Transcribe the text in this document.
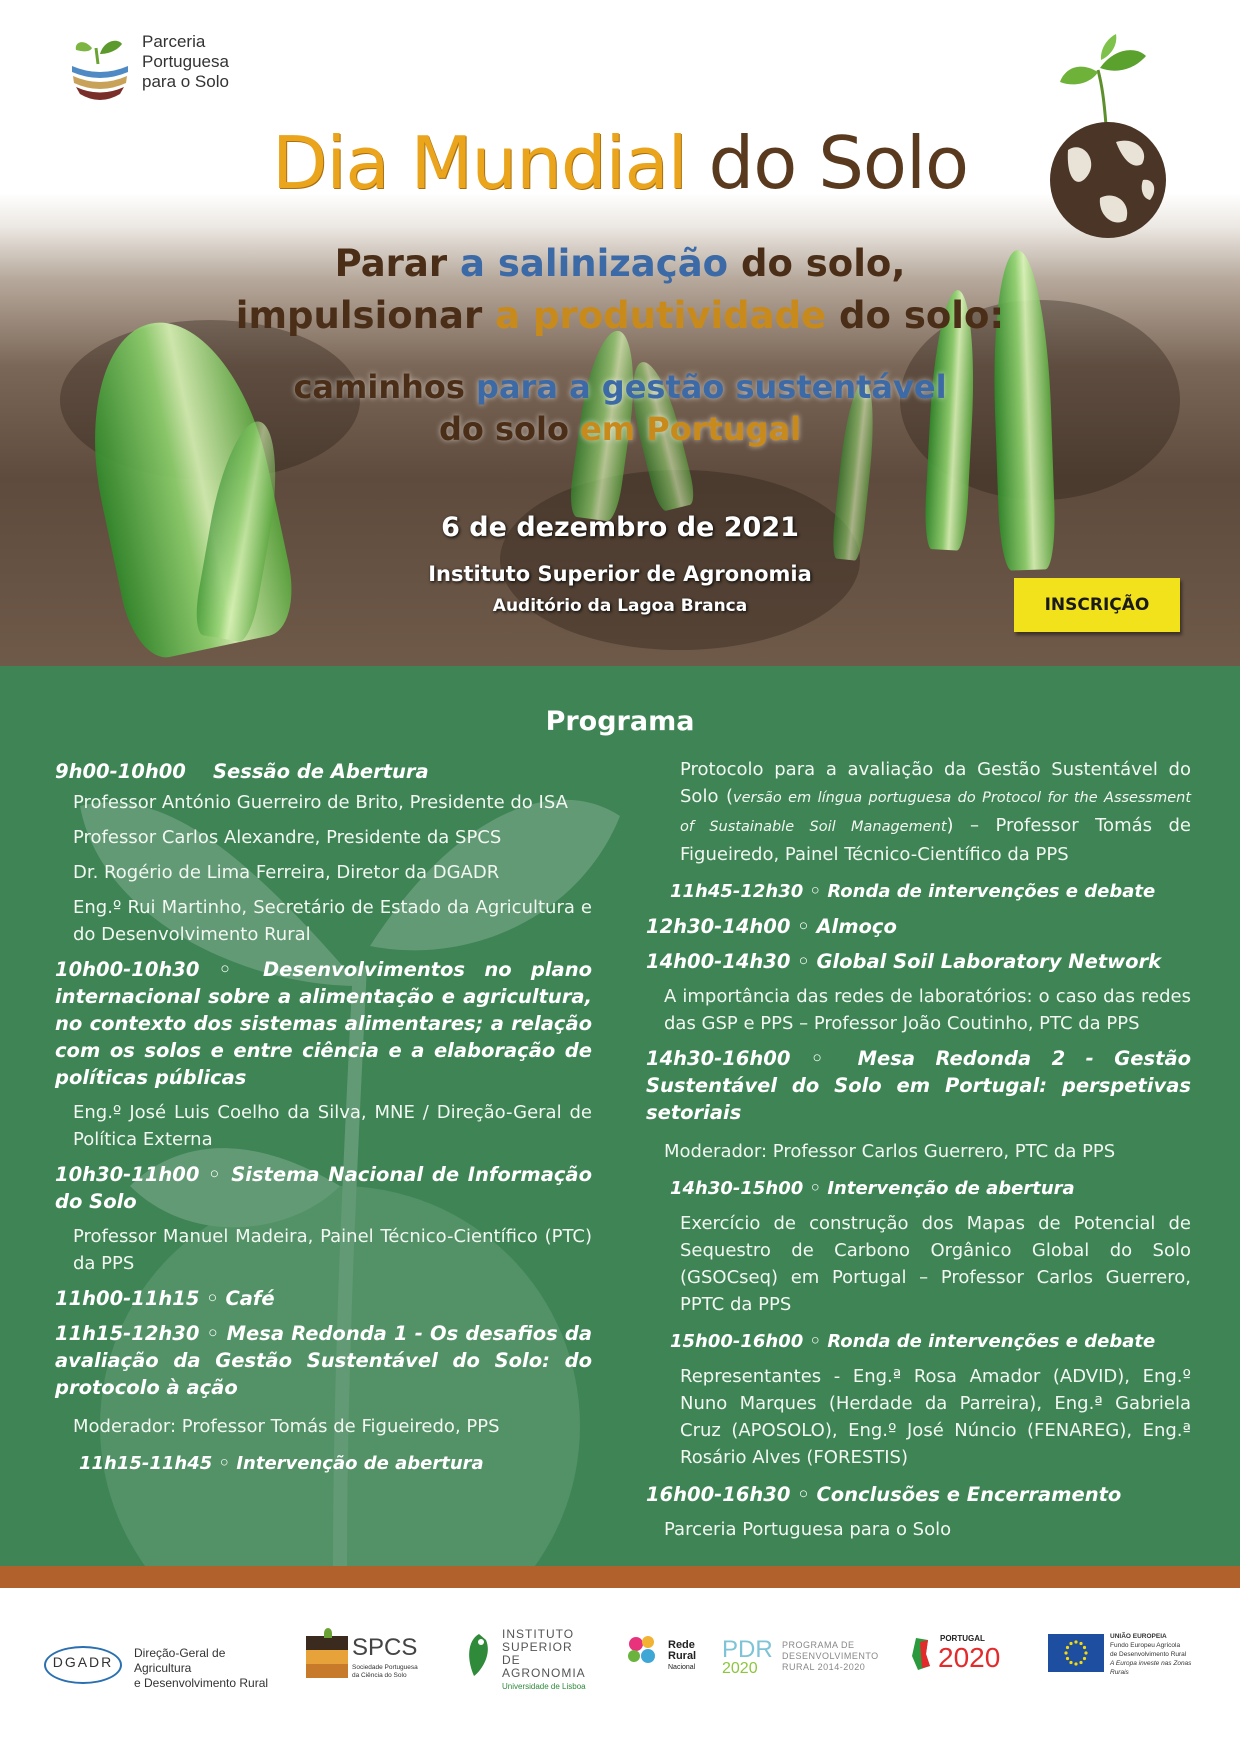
Parceria
Portuguesa
para o Solo
Dia Mundial do Solo
Parar a salinização do solo,
impulsionar a produtividade do solo:
caminhos para a gestão sustentável
do solo em Portugal
6 de dezembro de 2021
Instituto Superior de Agronomia
Auditório da Lagoa Branca	INSCRIÇÃO
Programa
9h00-10h00 Sessão de Abertura
Professor António Guerreiro de Brito, Presidente do ISA
Professor Carlos Alexandre, Presidente da SPCS
Dr. Rogério de Lima Ferreira, Diretor da DGADR
Eng.º Rui Martinho, Secretário de Estado da Agricultura e do Desenvolvimento Rural
10h00-10h30 ◦ Desenvolvimentos no plano internacional sobre a alimentação e agricultura, no contexto dos sistemas alimentares; a relação com os solos e entre ciência e a elaboração de políticas públicas
Eng.º José Luis Coelho da Silva, MNE / Direção-Geral de Política Externa
10h30-11h00 ◦ Sistema Nacional de Informação do Solo
Professor Manuel Madeira, Painel Técnico-Científico (PTC) da PPS
11h00-11h15 ◦ Café
11h15-12h30 ◦ Mesa Redonda 1 - Os desafios da avaliação da Gestão Sustentável do Solo: do protocolo à ação
Moderador: Professor Tomás de Figueiredo, PPS
11h15-11h45 ◦ Intervenção de abertura
Protocolo para a avaliação da Gestão Sustentável do Solo (versão em língua portuguesa do Protocol for the Assessment of Sustainable Soil Management) – Professor Tomás de Figueiredo, Painel Técnico-Científico da PPS
11h45-12h30 ◦ Ronda de intervenções e debate
12h30-14h00 ◦ Almoço
14h00-14h30 ◦ Global Soil Laboratory Network
A importância das redes de laboratórios: o caso das redes das GSP e PPS – Professor João Coutinho, PTC da PPS
14h30-16h00 ◦ Mesa Redonda 2 - Gestão Sustentável do Solo em Portugal: perspetivas setoriais
Moderador: Professor Carlos Guerrero, PTC da PPS
14h30-15h00 ◦ Intervenção de abertura
Exercício de construção dos Mapas de Potencial de Sequestro de Carbono Orgânico Global do Solo (GSOCseq) em Portugal – Professor Carlos Guerrero, PPTC da PPS
15h00-16h00 ◦ Ronda de intervenções e debate
Representantes - Eng.ª Rosa Amador (ADVID), Eng.º Nuno Marques (Herdade da Parreira), Eng.ª Gabriela Cruz (APOSOLO), Eng.º José Núncio (FENAREG), Eng.ª Rosário Alves (FORESTIS)
16h00-16h30 ◦ Conclusões e Encerramento
Parceria Portuguesa para o Solo
DGADR
Direção-Geral de Agricultura
e Desenvolvimento Rural
SPCS
Sociedade Portuguesa
da Ciência do Solo
INSTITUTO
SUPERIOR DE
AGRONOMIA
Universidade de Lisboa
Rede
Rural
Nacional
PDR
2020
PROGRAMA DE
DESENVOLVIMENTO
RURAL 2014-2020
PORTUGAL
2020
UNIÃO EUROPEIA
Fundo Europeu Agrícola
de Desenvolvimento Rural
A Europa investe nas Zonas Rurais
